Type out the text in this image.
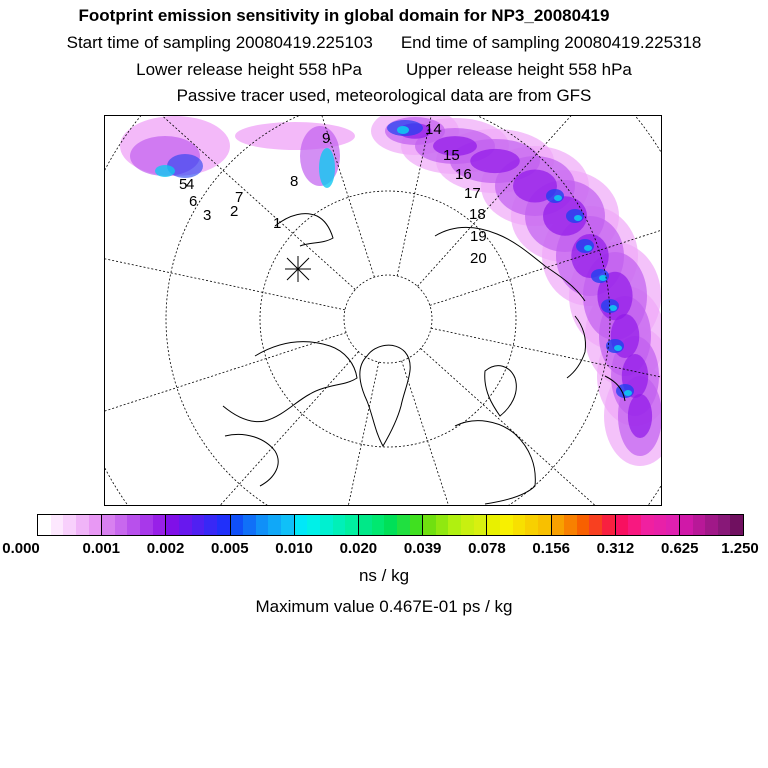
Footprint emission sensitivity in global domain for NP3_20080419
Start time of sampling 20080419.225103 End time of sampling 20080419.225318
Lower release height 558 hPa	Upper release height 558 hPa
Passive tracer used, meteorological data are from GFS
1
2
3
4
5
6	7
8
9
14
15
16
17
18
19
20
0.000	0.001 0.002 0.005 0.010 0.020 0.039 0.078 0.156 0.312 0.625 1.250
ns / kg
Maximum value 0.467E-01 ps / kg
